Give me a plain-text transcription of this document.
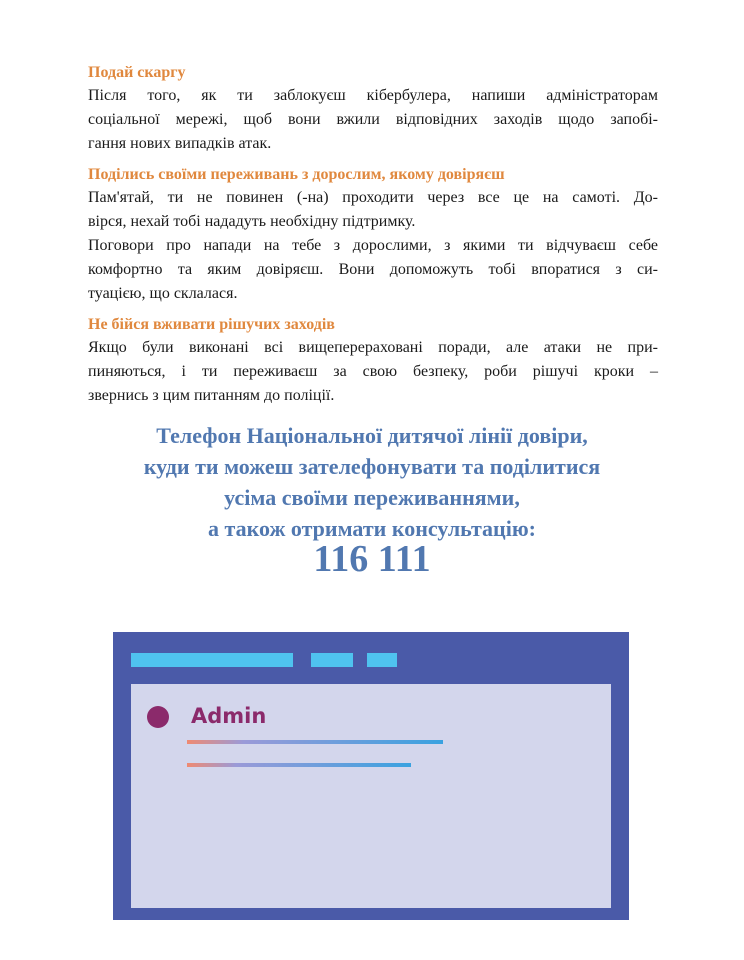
Подай скаргу

Після того, як ти заблокуєш кібербулера, напиши адміністраторам
соціальної мережі, щоб вони вжили відповідних заходів щодо запобі-
гання нових випадків атак.

Поділись своїми переживань з дорослим, якому довіряєш

Пам'ятай, ти не повинен (-на) проходити через все це на самоті. До-
вірся, нехай тобі нададуть необхідну підтримку.
Поговори про напади на тебе з дорослими, з якими ти відчуваєш себе
комфортно та яким довіряєш. Вони допоможуть тобі впоратися з си-
туацією, що склалася.

Не бійся вживати рішучих заходів

Якщо були виконані всі вищеперераховані поради, але атаки не при-
пиняються, і ти переживаєш за свою безпеку, роби рішучі кроки –
звернись з цим питанням до поліції.

Телефон Національної дитячої лінії довіри,
куди ти можеш зателефонувати та поділитися
усіма своїми переживаннями,
а також отримати консультацію:
116 111
Admin
